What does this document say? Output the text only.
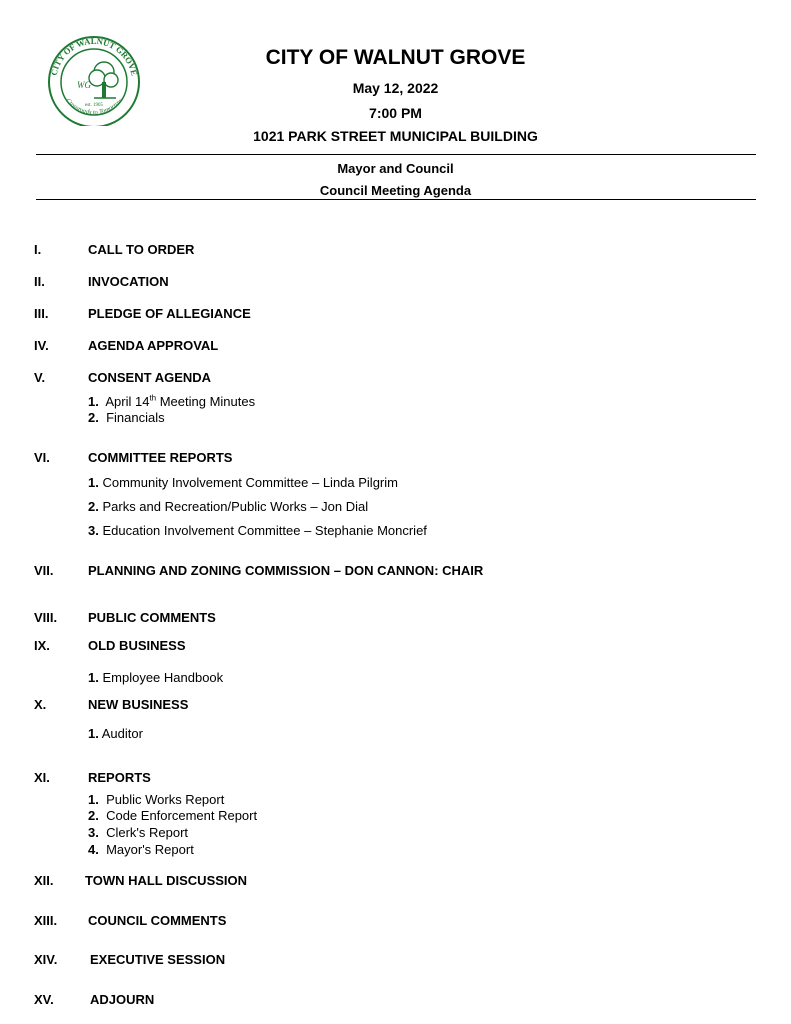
CITY OF WALNUT GROVE
Crossroads to Tomorrow
WG
est. 1905
CITY OF WALNUT GROVE
May 12, 2022
7:00 PM
1021 PARK STREET MUNICIPAL BUILDING
Mayor and Council
Council Meeting Agenda
I.	CALL TO ORDER
II.	INVOCATION
III.	PLEDGE OF ALLEGIANCE
IV.	AGENDA APPROVAL
V.	CONSENT AGENDA
1. April 14th Meeting Minutes
2. Financials
VI.	COMMITTEE REPORTS
1. Community Involvement Committee – Linda Pilgrim
2. Parks and Recreation/Public Works – Jon Dial
3. Education Involvement Committee – Stephanie Moncrief
VII.	PLANNING AND ZONING COMMISSION – DON CANNON: CHAIR
VIII. PUBLIC COMMENTS
IX.	OLD BUSINESS
1. Employee Handbook
X.	NEW BUSINESS
1. Auditor
XI.	REPORTS
1. Public Works Report
2. Code Enforcement Report
3. Clerk's Report
4. Mayor's Report
XII. TOWN HALL DISCUSSION
XIII. COUNCIL COMMENTS
XIV.	EXECUTIVE SESSION
XV.	ADJOURN
